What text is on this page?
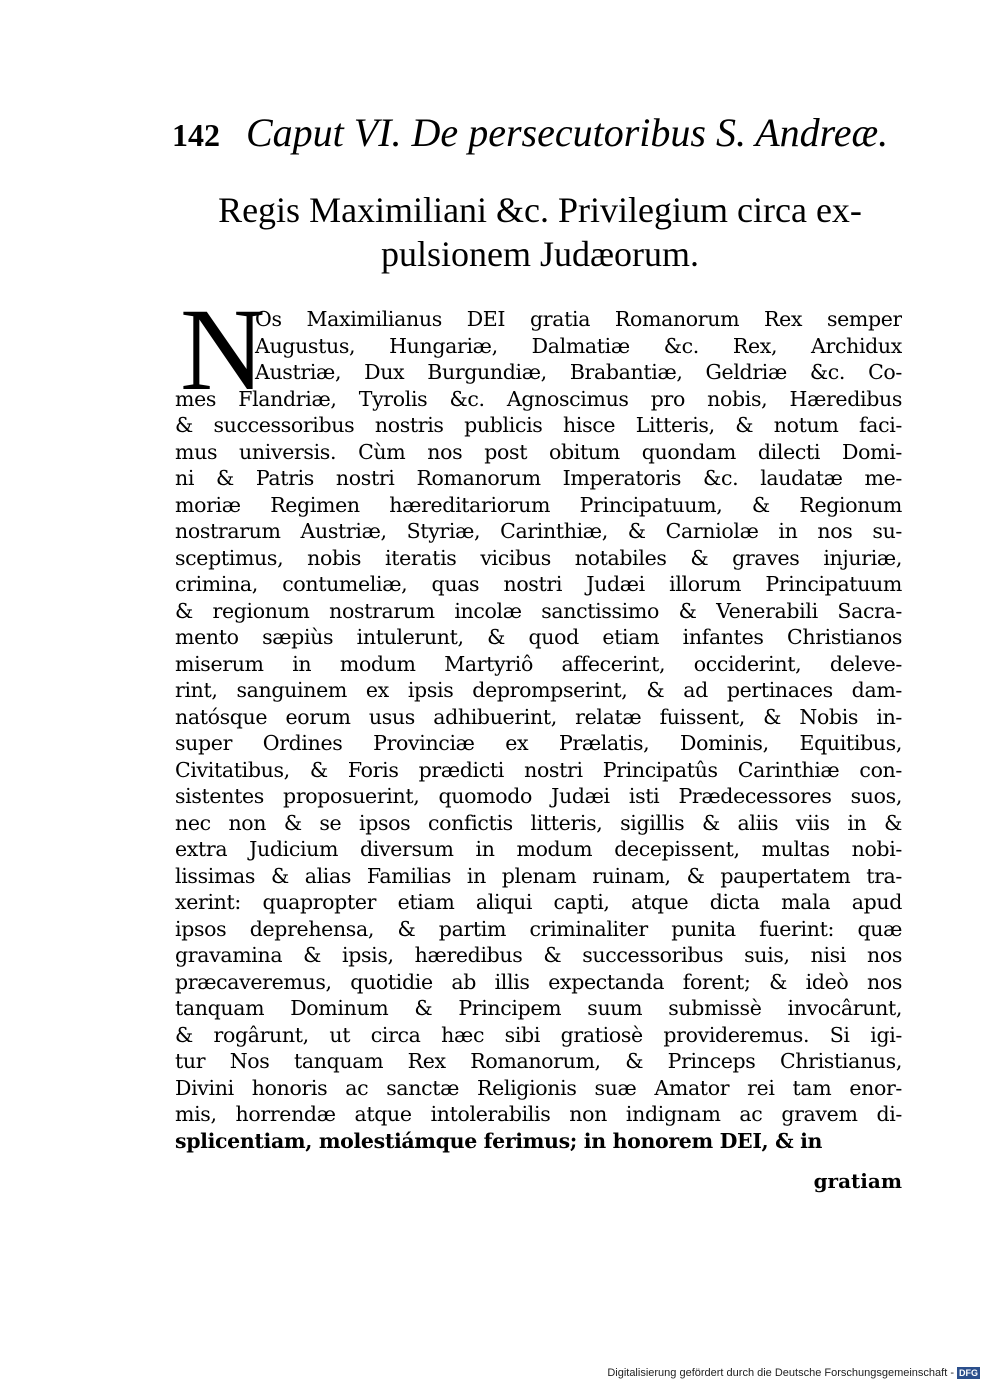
142 Caput VI. De persecutoribus S. Andreæ.
Regis Maximiliani &c. Privilegium circa ex-
pulsionem Judæorum.
N
Os Maximilianus DEI gratia Romanorum Rex semper
Augustus, Hungariæ, Dalmatiæ &c. Rex, Archidux
Austriæ, Dux Burgundiæ, Brabantiæ, Geldriæ &c. Co-
mes Flandriæ, Tyrolis &c. Agnoscimus pro nobis, Hæredibus
& successoribus nostris publicis hisce Litteris, & notum faci-
mus universis. Cùm nos post obitum quondam dilecti Domi-
ni & Patris nostri Romanorum Imperatoris &c. laudatæ me-
moriæ Regimen hæreditariorum Principatuum, & Regionum
nostrarum Austriæ, Styriæ, Carinthiæ, & Carniolæ in nos su-
sceptimus, nobis iteratis vicibus notabiles & graves injuriæ,
crimina, contumeliæ, quas nostri Judæi illorum Principatuum
& regionum nostrarum incolæ sanctissimo & Venerabili Sacra-
mento sæpiùs intulerunt, & quod etiam infantes Christianos
miserum in modum Martyriô affecerint, occiderint, deleve-
rint, sanguinem ex ipsis deprompserint, & ad pertinaces dam-
natósque eorum usus adhibuerint, relatæ fuissent, & Nobis in-
super Ordines Provinciæ ex Prælatis, Dominis, Equitibus,
Civitatibus, & Foris prædicti nostri Principatûs Carinthiæ con-
sistentes proposuerint, quomodo Judæi isti Prædecessores suos,
nec non & se ipsos confictis litteris, sigillis & aliis viis in &
extra Judicium diversum in modum decepissent, multas nobi-
lissimas & alias Familias in plenam ruinam, & paupertatem tra-
xerint: quapropter etiam aliqui capti, atque dicta mala apud
ipsos deprehensa, & partim criminaliter punita fuerint: quæ
gravamina & ipsis, hæredibus & successoribus suis, nisi nos
præcaveremus, quotidie ab illis expectanda forent; & ideò nos
tanquam Dominum & Principem suum submissè invocârunt,
& rogârunt, ut circa hæc sibi gratiosè provideremus. Si igi-
tur Nos tanquam Rex Romanorum, & Princeps Christianus,
Divini honoris ac sanctæ Religionis suæ Amator rei tam enor-
mis, horrendæ atque intolerabilis non indignam ac gravem di-
splicentiam, molestiámque ferimus; in honorem DEI, & in
gratiam
Digitalisierung gefördert durch die Deutsche Forschungsgemeinschaft - DFG
